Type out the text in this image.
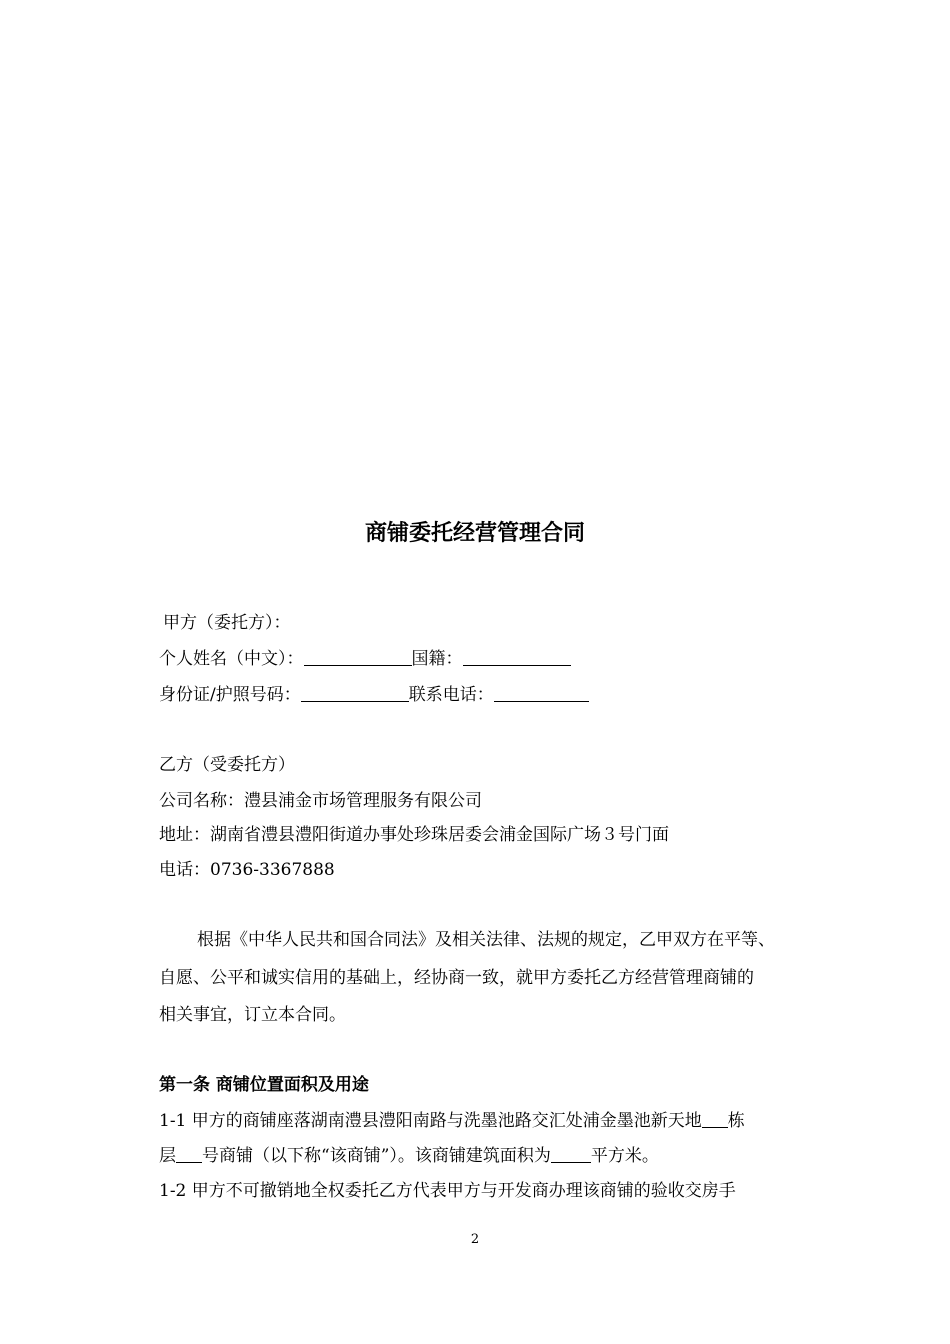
商铺委托经营管理合同
甲方（委托方）：
个人姓名（中文）：	国籍：
身份证/护照号码：	联系电话：
乙方（受委托方）
公司名称：澧县浦金市场管理服务有限公司
地址：湖南省澧县澧阳街道办事处珍珠居委会浦金国际广场３号门面
电话：0736-3367888
根据《中华人民共和国合同法》及相关法律、法规的规定，乙甲双方在平等、
自愿、公平和诚实信用的基础上，经协商一致，就甲方委托乙方经营管理商铺的
相关事宜，订立本合同。
第一条 商铺位置面积及用途
1-1 甲方的商铺座落湖南澧县澧阳南路与洗墨池路交汇处浦金墨池新天地 栋
层 号商铺（以下称“该商铺”）。该商铺建筑面积为 平方米。
1-2 甲方不可撤销地全权委托乙方代表甲方与开发商办理该商铺的验收交房手
2
